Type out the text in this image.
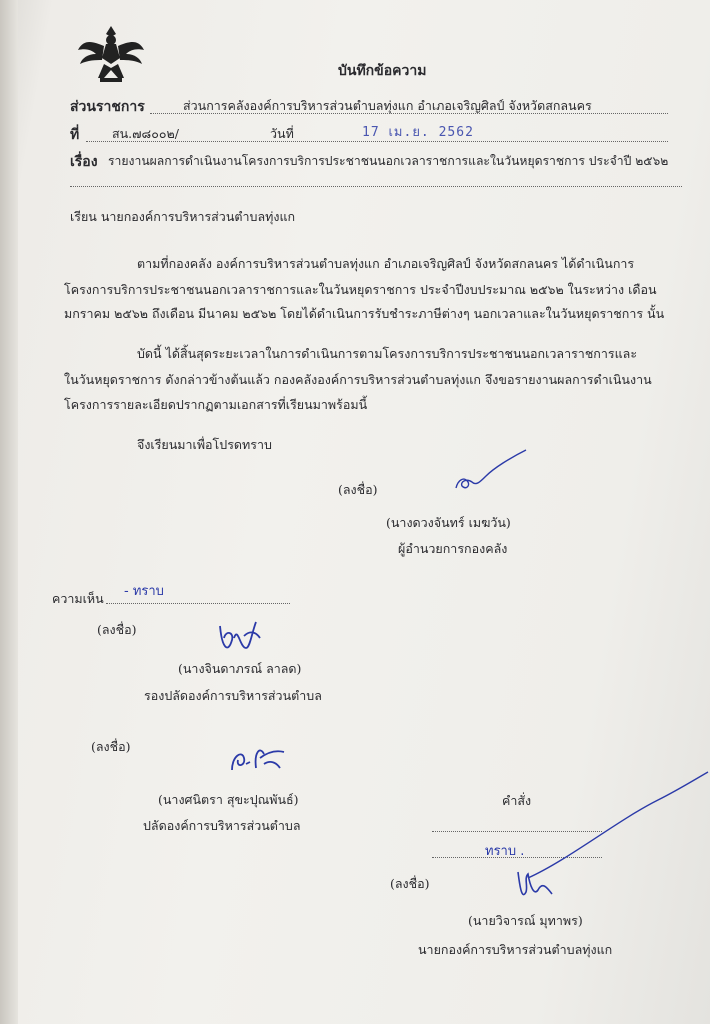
บันทึกข้อความ
ส่วนราชการ	ส่วนการคลังองค์การบริหารส่วนตำบลทุ่งแก อำเภอเจริญศิลป์ จังหวัดสกลนคร
ที่	สน.๗๘๐๐๒/	วันที่	17 เม.ย. 2562
เรื่อง รายงานผลการดำเนินงานโครงการบริการประชาชนนอกเวลาราชการและในวันหยุดราชการ ประจำปี ๒๕๖๒
เรียน นายกองค์การบริหารส่วนตำบลทุ่งแก
ตามที่กองคลัง องค์การบริหารส่วนตำบลทุ่งแก อำเภอเจริญศิลป์ จังหวัดสกลนคร ได้ดำเนินการ
โครงการบริการประชาชนนอกเวลาราชการและในวันหยุดราชการ ประจำปีงบประมาณ ๒๕๖๒ ในระหว่าง เดือน
มกราคม ๒๕๖๒ ถึงเดือน มีนาคม ๒๕๖๒ โดยได้ดำเนินการรับชำระภาษีต่างๆ นอกเวลาและในวันหยุดราชการ นั้น
บัดนี้ ได้สิ้นสุดระยะเวลาในการดำเนินการตามโครงการบริการประชาชนนอกเวลาราชการและ
ในวันหยุดราชการ ดังกล่าวข้างต้นแล้ว กองคลังองค์การบริหารส่วนตำบลทุ่งแก จึงขอรายงานผลการดำเนินงาน
โครงการรายละเอียดปรากฏตามเอกสารที่เรียนมาพร้อมนี้
จึงเรียนมาเพื่อโปรดทราบ
(ลงชื่อ)
(นางดวงจันทร์ เมฆวัน)
ผู้อำนวยการกองคลัง
ความเห็น - ทราบ
(ลงชื่อ)
(นางจินดาภรณ์ ลาลด)
รองปลัดองค์การบริหารส่วนตำบล
(ลงชื่อ)
(นางศนิตรา สุขะปุณพันธ์)
ปลัดองค์การบริหารส่วนตำบล
คำสั่ง
ทราบ .
(ลงชื่อ)
(นายวิจารณ์ มุทาพร)
นายกองค์การบริหารส่วนตำบลทุ่งแก
